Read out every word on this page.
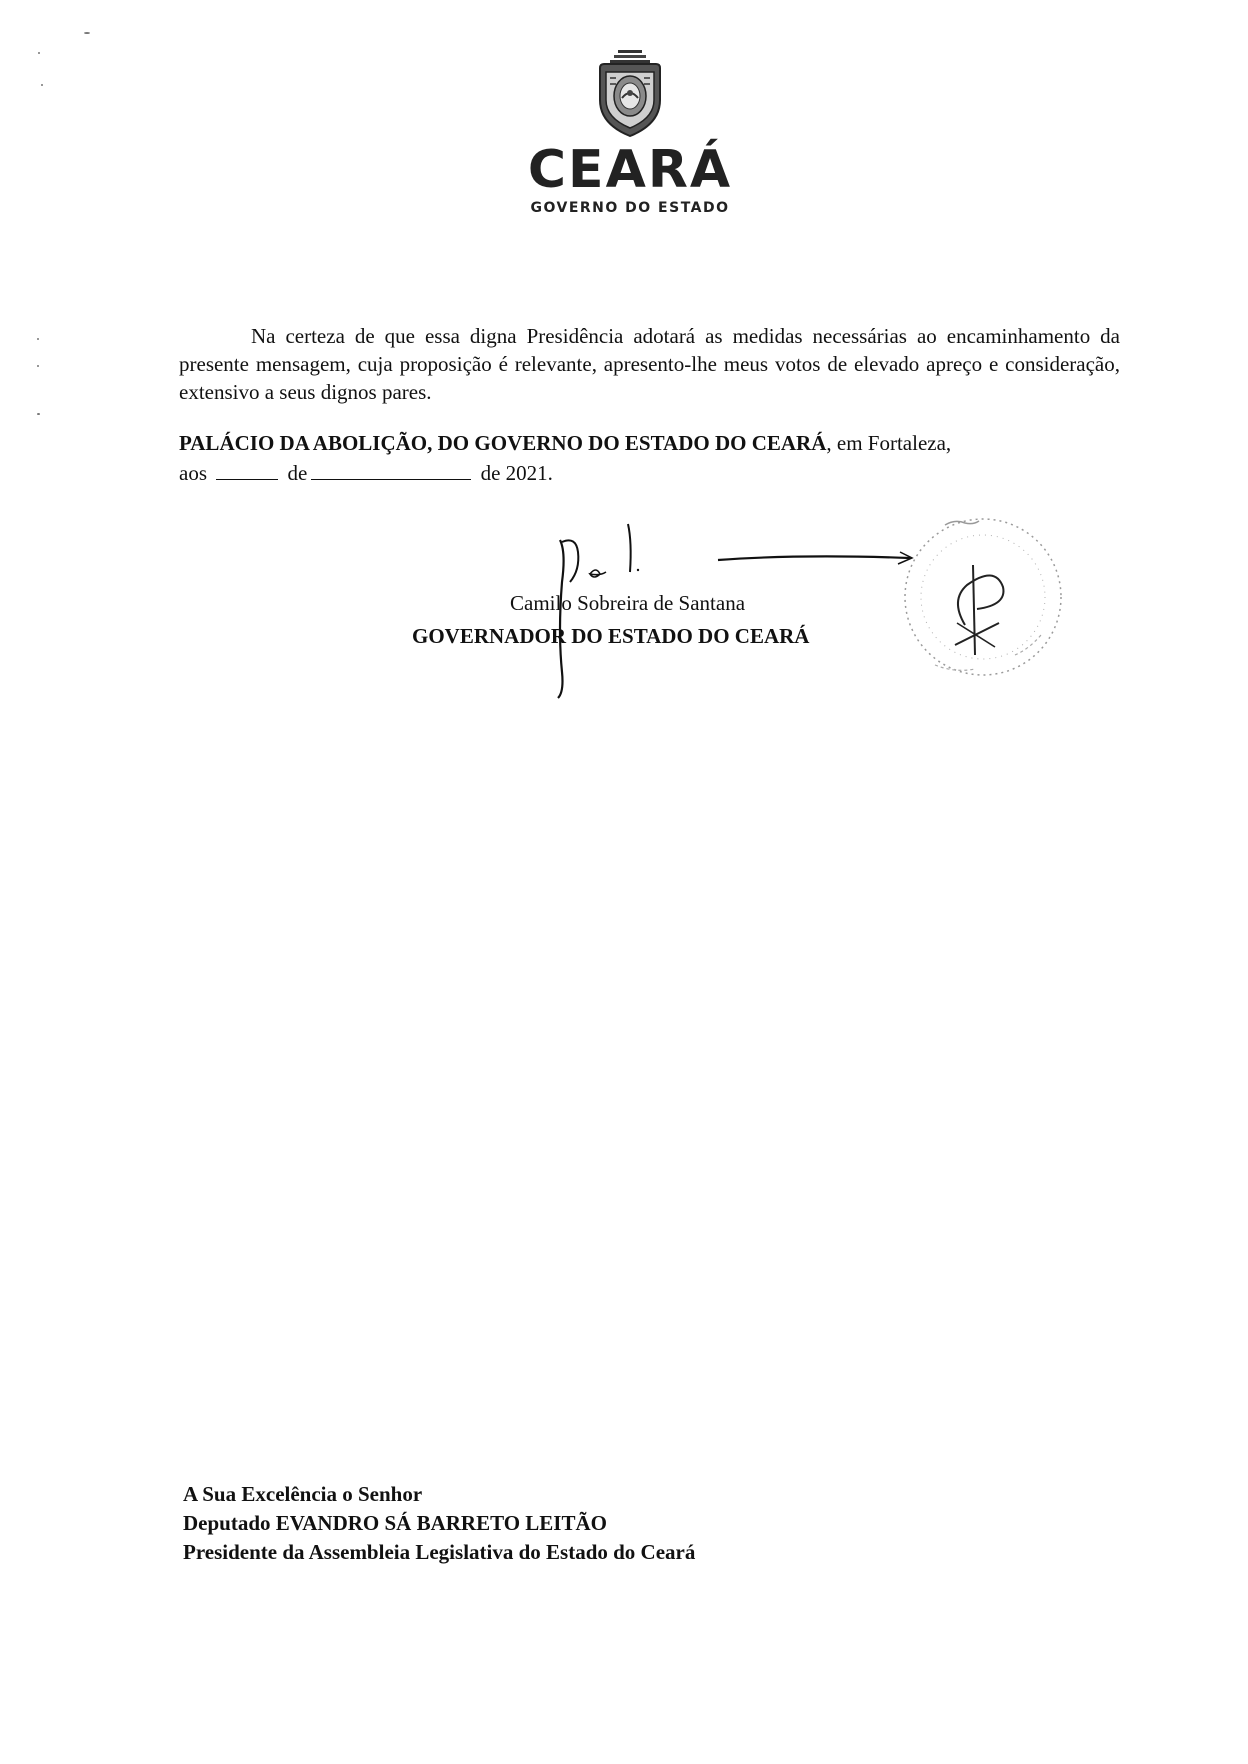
CEARÁ
GOVERNO DO ESTADO
Na certeza de que essa digna Presidência adotará as medidas necessárias ao encaminhamento da presente mensagem, cuja proposição é relevante, apresento-lhe meus votos de elevado apreço e consideração, extensivo a seus dignos pares.
PALÁCIO DA ABOLIÇÃO, DO GOVERNO DO ESTADO DO CEARÁ, em Fortaleza,
aos	de	de 2021.
Camilo Sobreira de Santana
GOVERNADOR DO ESTADO DO CEARÁ
A Sua Excelência o Senhor
Deputado EVANDRO SÁ BARRETO LEITÃO
Presidente da Assembleia Legislativa do Estado do Ceará
